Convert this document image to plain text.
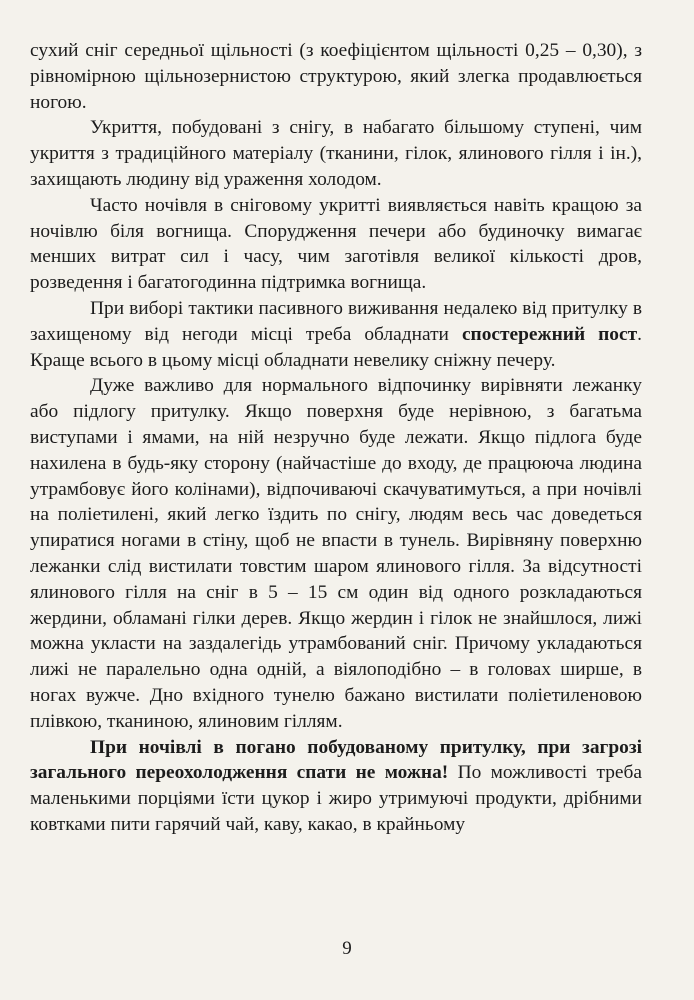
сухий сніг середньої щільності (з коефіцієнтом щільності 0,25 – 0,30), з рівномірною щільнозернистою структурою, який злегка продавлюється ногою.

Укриття, побудовані з снігу, в набагато більшому ступені, чим укриття з традиційного матеріалу (тканини, гілок, ялинового гілля і ін.), захищають людину від ураження холодом.

Часто ночівля в сніговому укритті виявляється навіть кращою за ночівлю біля вогнища. Спорудження печери або будиночку вимагає менших витрат сил і часу, чим заготівля великої кількості дров, розведення і багатогодинна підтримка вогнища.

При виборі тактики пасивного виживання недалеко від притулку в захищеному від негоди місці треба обладнати спостережний пост. Краще всього в цьому місці обладнати невелику сніжну печеру.

Дуже важливо для нормального відпочинку вирівняти лежанку або підлогу притулку. Якщо поверхня буде нерівною, з багатьма виступами і ямами, на ній незручно буде лежати. Якщо підлога буде нахилена в будь-яку сторону (найчастіше до входу, де працююча людина утрамбовує його колінами), відпочиваючі скачуватимуться, а при ночівлі на поліетилені, який легко їздить по снігу, людям весь час доведеться упиратися ногами в стіну, щоб не впасти в тунель. Вирівняну поверхню лежанки слід вистилати товстим шаром ялинового гілля. За відсутності ялинового гілля на сніг в 5 – 15 см один від одного розкладаються жердини, обламані гілки дерев. Якщо жердин і гілок не знайшлося, лижі можна укласти на заздалегідь утрамбований сніг. Причому укладаються лижі не паралельно одна одній, а віялоподібно – в головах ширше, в ногах вужче. Дно вхідного тунелю бажано вистилати поліетиленовою плівкою, тканиною, ялиновим гіллям.

При ночівлі в погано побудованому притулку, при загрозі загального переохолодження спати не можна! По можливості треба маленькими порціями їсти цукор і жиро утримуючі продукти, дрібними ковтками пити гарячий чай, каву, какао, в крайньому

9
